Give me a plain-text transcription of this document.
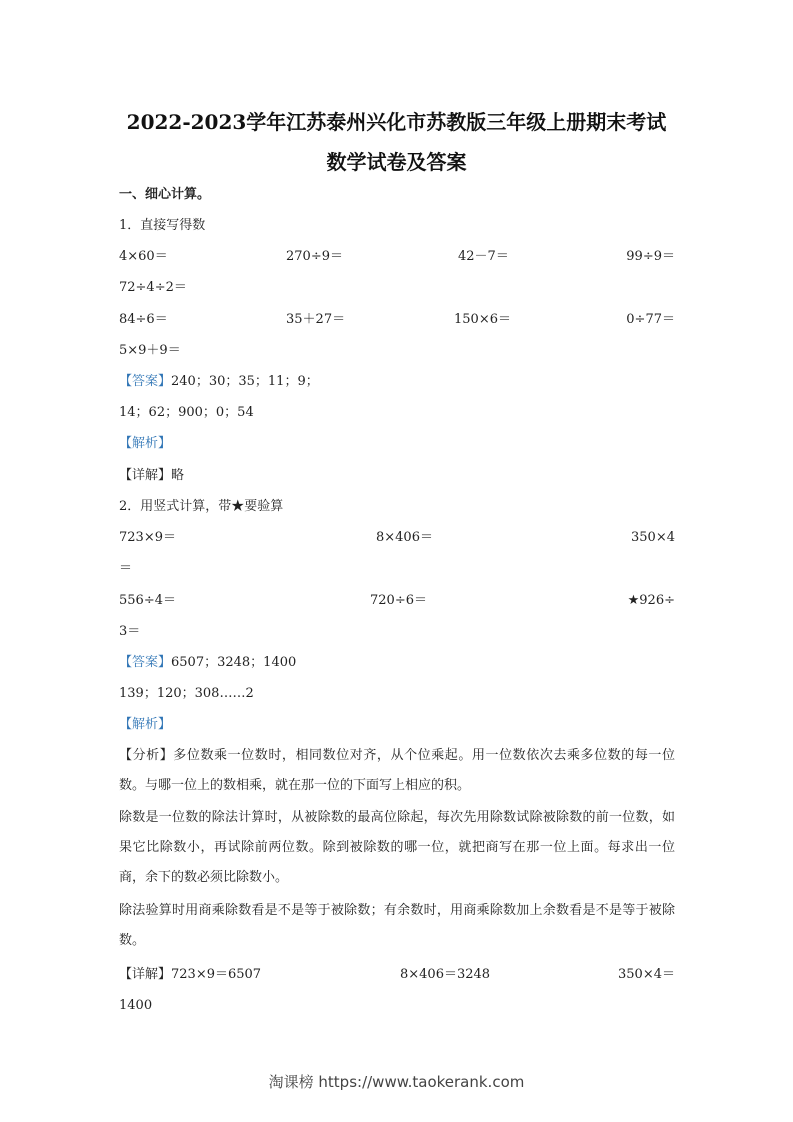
2022-2023学年江苏泰州兴化市苏教版三年级上册期末考试
数学试卷及答案
一、细心计算。
1．直接写得数
4×60＝	270÷9＝	42－7＝	99÷9＝
72÷4÷2＝
84÷6＝	35＋27＝	150×6＝	0÷77＝
5×9＋9＝
【答案】240；30；35；11；9；
14；62；900；0；54
【解析】
【详解】略
2．用竖式计算，带★要验算
723×9＝	8×406＝	350×4
＝
556÷4＝	720÷6＝	★926÷
3＝
【答案】6507；3248；1400
139；120；308……2
【解析】
【分析】多位数乘一位数时，相同数位对齐，从个位乘起。用一位数依次去乘多位数的每一位数。与哪一位上的数相乘，就在那一位的下面写上相应的积。
除数是一位数的除法计算时，从被除数的最高位除起，每次先用除数试除被除数的前一位数，如果它比除数小，再试除前两位数。除到被除数的哪一位，就把商写在那一位上面。每求出一位商，余下的数必须比除数小。
除法验算时用商乘除数看是不是等于被除数；有余数时，用商乘除数加上余数看是不是等于被除数。
【详解】723×9＝6507	8×406＝3248	350×4＝
1400
淘课榜 https://www.taokerank.com
